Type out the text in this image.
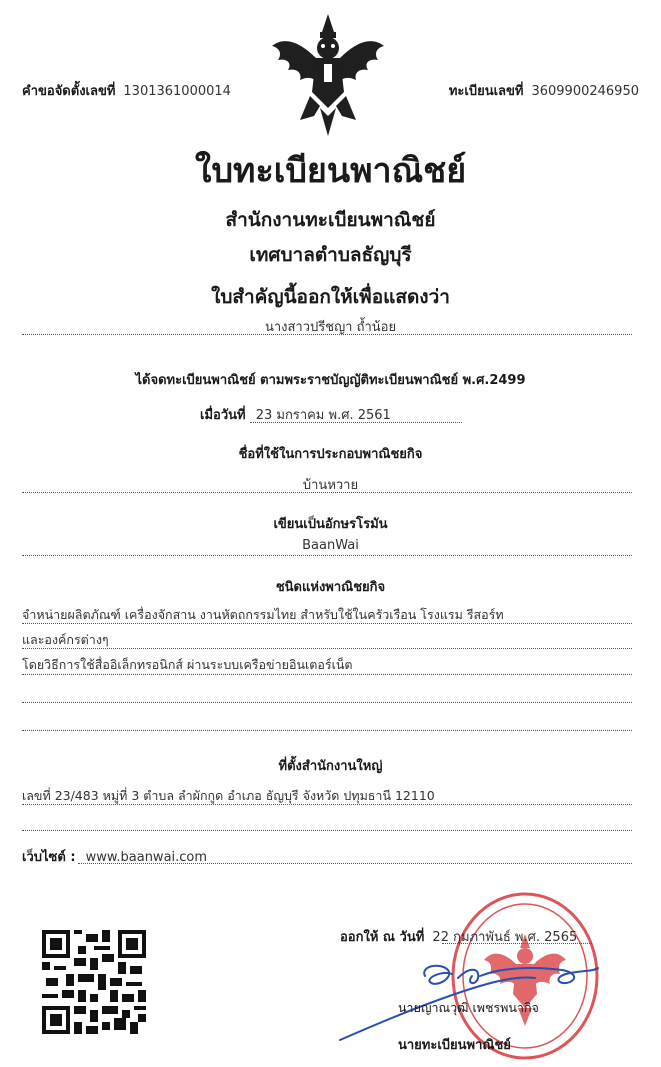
คำขอจัดตั้งเลขที่ 1301361000014	ทะเบียนเลขที่ 3609900246950
ใบทะเบียนพาณิชย์
สำนักงานทะเบียนพาณิชย์
เทศบาลตำบลธัญบุรี
ใบสำคัญนี้ออกให้เพื่อแสดงว่า
นางสาวปรีชญา ถ้ำน้อย
ได้จดทะเบียนพาณิชย์ ตามพระราชบัญญัติทะเบียนพาณิชย์ พ.ศ.2499
เมื่อวันที่ 23 มกราคม พ.ศ. 2561
ชื่อที่ใช้ในการประกอบพาณิชยกิจ
บ้านหวาย
เขียนเป็นอักษรโรมัน
BaanWai
ชนิดแห่งพาณิชยกิจ
จำหน่ายผลิตภัณฑ์ เครื่องจักสาน งานหัตถกรรมไทย สำหรับใช้ในครัวเรือน โรงแรม รีสอร์ท
และองค์กรต่างๆ
โดยวิธีการใช้สื่ออิเล็กทรอนิกส์ ผ่านระบบเครือข่ายอินเตอร์เน็ต
ที่ตั้งสำนักงานใหญ่
เลขที่ 23/483 หมู่ที่ 3 ตำบล ลำผักกูด อำเภอ ธัญบุรี จังหวัด ปทุมธานี 12110
เว็บไซต์ : www.baanwai.com
ออกให้ ณ วันที่ 22 กุมภาพันธ์ พ.ศ. 2565
นายญาณวุฒิ เพชรพนากิจ
นายทะเบียนพาณิชย์
